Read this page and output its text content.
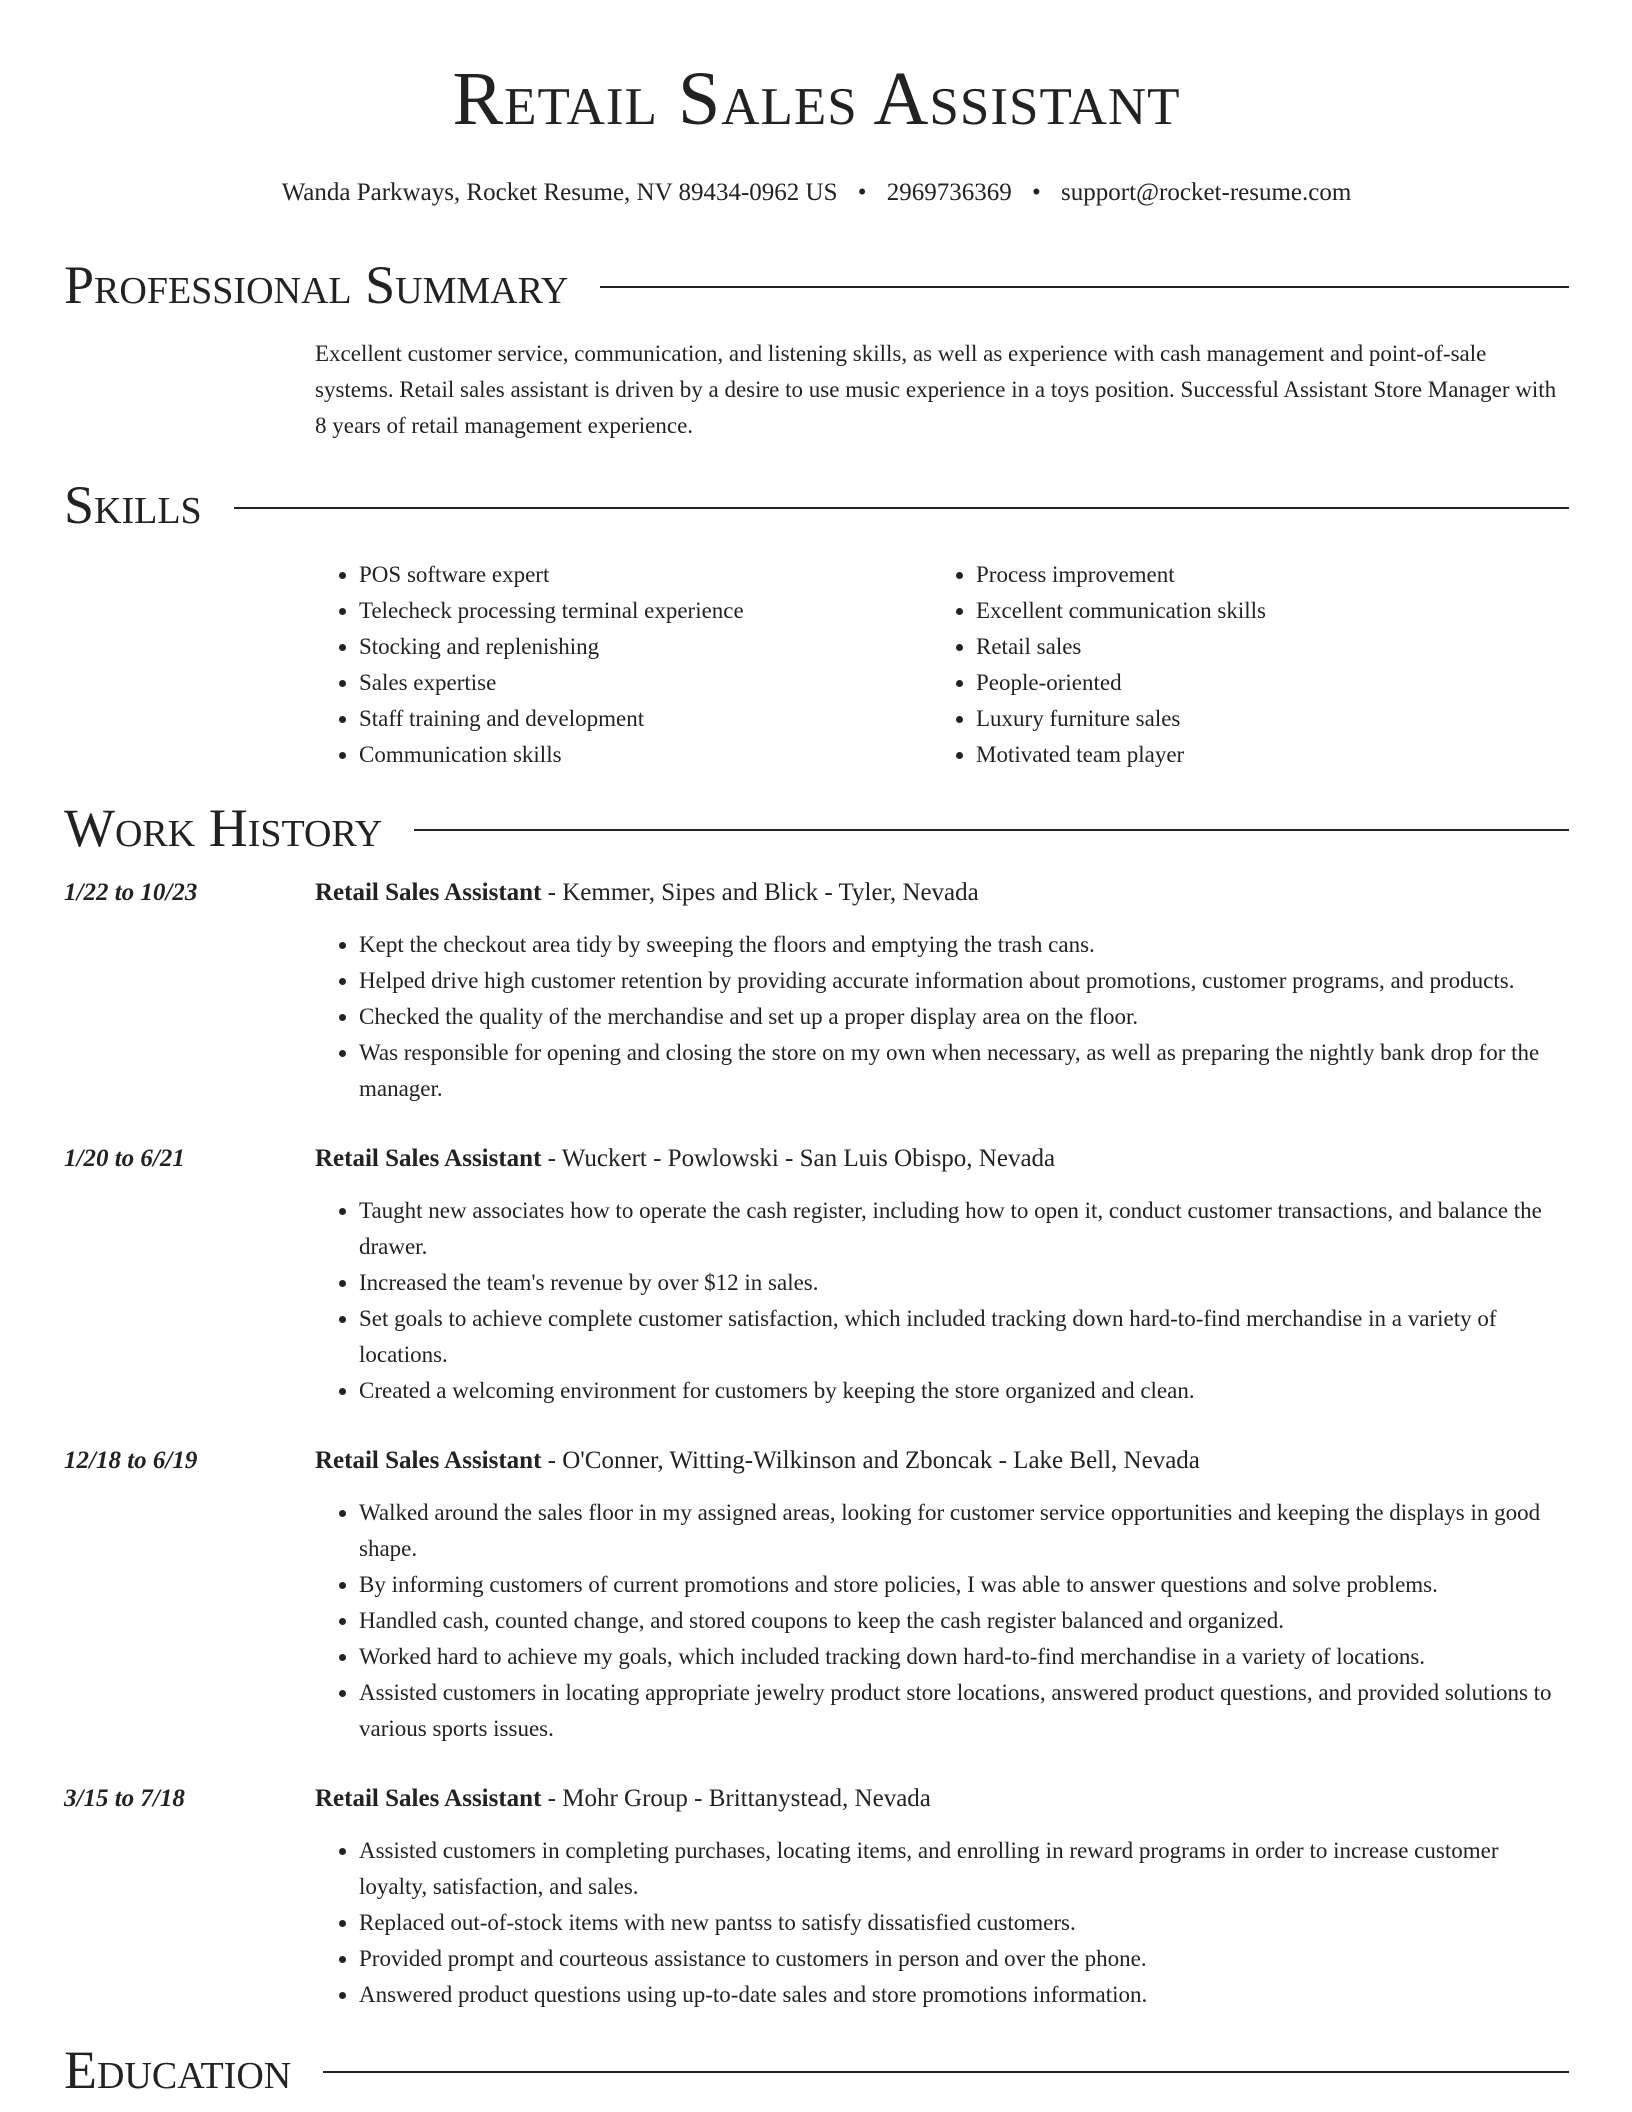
Retail Sales Assistant
Wanda Parkways, Rocket Resume, NV 89434-0962 US • 2969736369 • support@rocket-resume.com
Professional Summary

Excellent customer service, communication, and listening skills, as well as experience with cash management and point-of-sale systems. Retail sales assistant is driven by a desire to use music experience in a toys position. Successful Assistant Store Manager with 8 years of retail management experience.

Skills
• POS software expert
• Telecheck processing terminal experience
• Stocking and replenishing
• Sales expertise
• Staff training and development
• Communication skills
• Process improvement
• Excellent communication skills
• Retail sales
• People-oriented
• Luxury furniture sales
• Motivated team player
Work History
1/22 to 10/23	Retail Sales Assistant - Kemmer, Sipes and Blick - Tyler, Nevada
• Kept the checkout area tidy by sweeping the floors and emptying the trash cans.
• Helped drive high customer retention by providing accurate information about promotions, customer programs, and products.
• Checked the quality of the merchandise and set up a proper display area on the floor.
• Was responsible for opening and closing the store on my own when necessary, as well as preparing the nightly bank drop for the manager.
1/20 to 6/21	Retail Sales Assistant - Wuckert - Powlowski - San Luis Obispo, Nevada
• Taught new associates how to operate the cash register, including how to open it, conduct customer transactions, and balance the drawer.
• Increased the team's revenue by over $12 in sales.
• Set goals to achieve complete customer satisfaction, which included tracking down hard-to-find merchandise in a variety of locations.
• Created a welcoming environment for customers by keeping the store organized and clean.
12/18 to 6/19	Retail Sales Assistant - O'Conner, Witting-Wilkinson and Zboncak - Lake Bell, Nevada
• Walked around the sales floor in my assigned areas, looking for customer service opportunities and keeping the displays in good shape.
• By informing customers of current promotions and store policies, I was able to answer questions and solve problems.
• Handled cash, counted change, and stored coupons to keep the cash register balanced and organized.
• Worked hard to achieve my goals, which included tracking down hard-to-find merchandise in a variety of locations.
• Assisted customers in locating appropriate jewelry product store locations, answered product questions, and provided solutions to various sports issues.
3/15 to 7/18	Retail Sales Assistant - Mohr Group - Brittanystead, Nevada
• Assisted customers in completing purchases, locating items, and enrolling in reward programs in order to increase customer loyalty, satisfaction, and sales.
• Replaced out-of-stock items with new pantss to satisfy dissatisfied customers.
• Provided prompt and courteous assistance to customers in person and over the phone.
• Answered product questions using up-to-date sales and store promotions information.
Education
